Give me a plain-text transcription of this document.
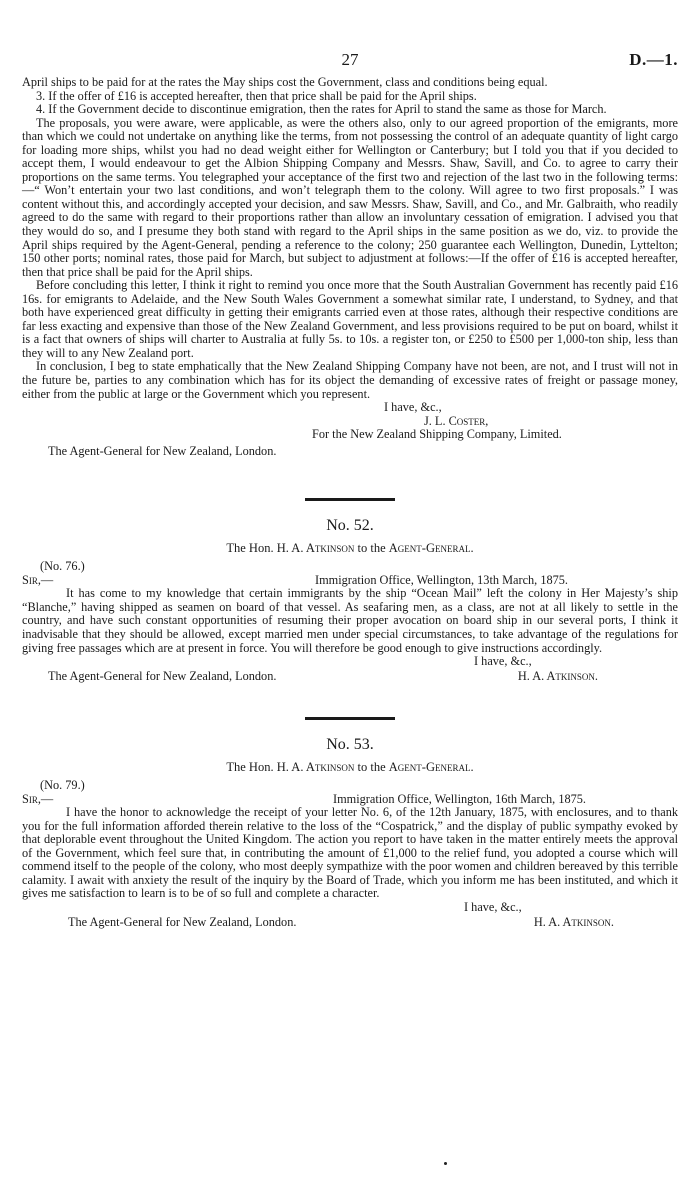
27	D.—1.

April ships to be paid for at the rates the May ships cost the Government, class and conditions being equal.

3. If the offer of £16 is accepted hereafter, then that price shall be paid for the April ships.

4. If the Government decide to discontinue emigration, then the rates for April to stand the same as those for March.

The proposals, you were aware, were applicable, as were the others also, only to our agreed proportion of the emigrants, more than which we could not undertake on anything like the terms, from not possessing the control of an adequate quantity of light cargo for loading more ships, whilst you had no dead weight either for Wellington or Canterbury; but I told you that if you decided to accept them, I would endeavour to get the Albion Shipping Company and Messrs. Shaw, Savill, and Co. to agree to carry their proportions on the same terms. You telegraphed your acceptance of the first two and rejection of the last two in the following terms:—“ Won’t entertain your two last conditions, and won’t telegraph them to the colony. Will agree to two first proposals.” I was content without this, and accordingly accepted your decision, and saw Messrs. Shaw, Savill, and Co., and Mr. Galbraith, who readily agreed to do the same with regard to their proportions rather than allow an involuntary cessation of emigration. I advised you that they would do so, and I presume they both stand with regard to the April ships in the same position as we do, viz. to provide the April ships required by the Agent-General, pending a reference to the colony; 250 guarantee each Wellington, Dunedin, Lyttelton; 150 other ports; nominal rates, those paid for March, but subject to adjustment at follows:—If the offer of £16 is accepted hereafter, then that price shall be paid for the April ships.

Before concluding this letter, I think it right to remind you once more that the South Australian Government has recently paid £16 16s. for emigrants to Adelaide, and the New South Wales Government a somewhat similar rate, I understand, to Sydney, and that both have experienced great difficulty in getting their emigrants carried even at those rates, although their respective conditions are far less exacting and expensive than those of the New Zealand Government, and less provisions required to be put on board, whilst it is a fact that owners of ships will charter to Australia at fully 5s. to 10s. a register ton, or £250 to £500 per 1,000-ton ship, less than they will to any New Zealand port.

In conclusion, I beg to state emphatically that the New Zealand Shipping Company have not been, are not, and I trust will not in the future be, parties to any combination which has for its object the demanding of excessive rates of freight or passage money, either from the public at large or the Government which you represent.

I have, &c.,
J. L. Coster,
For the New Zealand Shipping Company, Limited.
The Agent-General for New Zealand, London.
No. 52.
The Hon. H. A. Atkinson to the Agent-General.
(No. 76.)
Sir,—	Immigration Office, Wellington, 13th March, 1875.

It has come to my knowledge that certain immigrants by the ship “Ocean Mail” left the colony in Her Majesty’s ship “Blanche,” having shipped as seamen on board of that vessel. As seafaring men, as a class, are not at all likely to settle in the country, and have such constant opportunities of resuming their proper avocation on board ship in our several ports, I think it inadvisable that they should be allowed, except married men under special circumstances, to take advantage of the regulations for giving free passages which are at present in force. You will therefore be good enough to give instructions accordingly.

I have, &c.,
The Agent-General for New Zealand, London.	H. A. Atkinson.
No. 53.
The Hon. H. A. Atkinson to the Agent-General.
(No. 79.)
Sir,—	Immigration Office, Wellington, 16th March, 1875.

I have the honor to acknowledge the receipt of your letter No. 6, of the 12th January, 1875, with enclosures, and to thank you for the full information afforded therein relative to the loss of the “Cospatrick,” and the display of public sympathy evoked by that deplorable event throughout the United Kingdom. The action you report to have taken in the matter entirely meets the approval of the Government, which feel sure that, in contributing the amount of £1,000 to the relief fund, you adopted a course which will commend itself to the people of the colony, who most deeply sympathize with the poor women and children bereaved by this terrible calamity. I await with anxiety the result of the inquiry by the Board of Trade, which you inform me has been instituted, and which it gives me satisfaction to learn is to be of so full and complete a character.

I have, &c.,
The Agent-General for New Zealand, London.	H. A. Atkinson.
